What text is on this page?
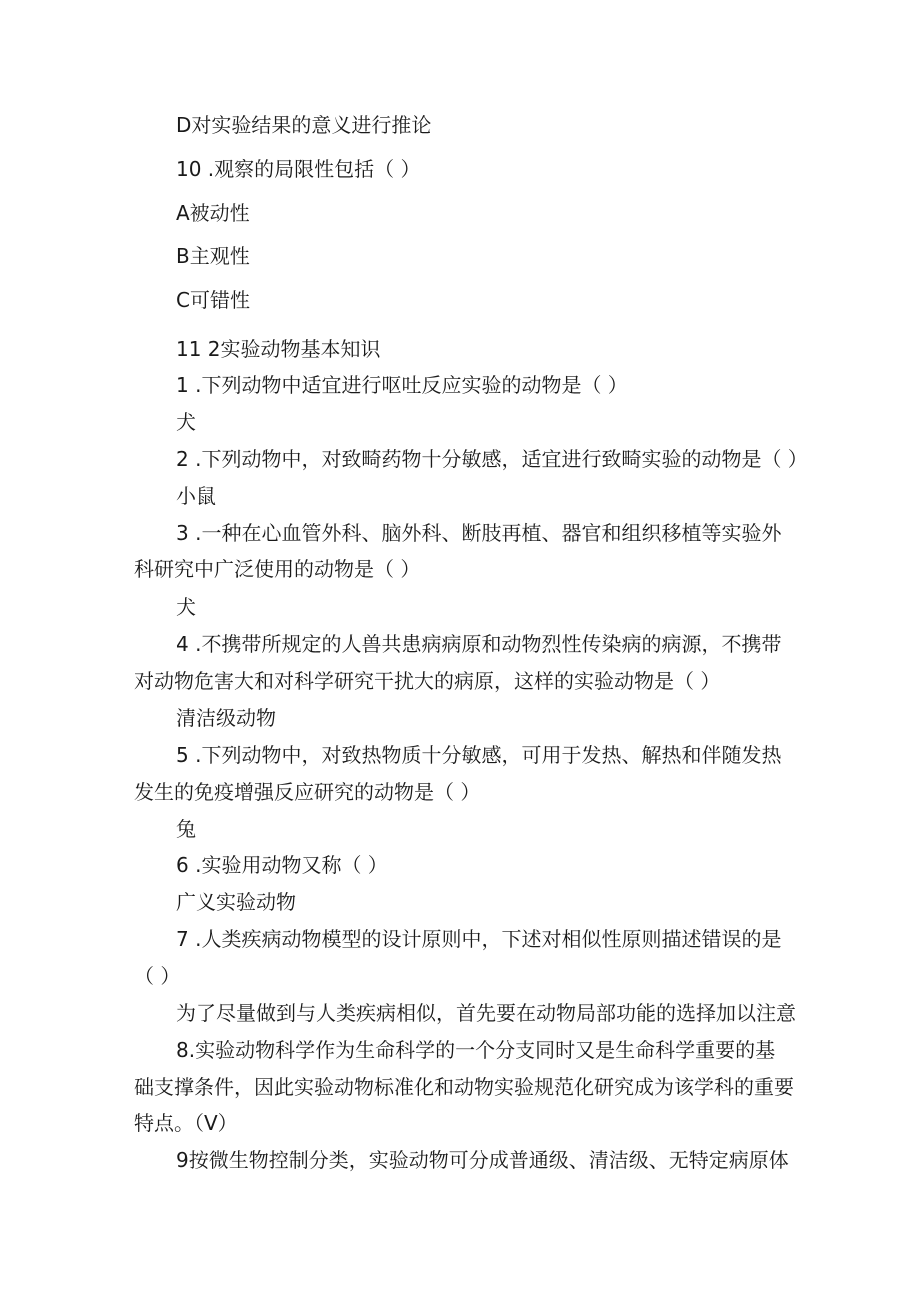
D对实验结果的意义进行推论
10 .观察的局限性包括（ ）
A被动性
B主观性
C可错性
11 2实验动物基本知识
1 .下列动物中适宜进行呕吐反应实验的动物是（ ）
犬
2 .下列动物中，对致畸药物十分敏感，适宜进行致畸实验的动物是（ ）
小鼠
3 .一种在心血管外科、脑外科、断肢再植、器官和组织移植等实验外
科研究中广泛使用的动物是（ ）
犬
4 .不携带所规定的人兽共患病病原和动物烈性传染病的病源，不携带
对动物危害大和对科学研究干扰大的病原，这样的实验动物是（ ）
清洁级动物
5 .下列动物中，对致热物质十分敏感，可用于发热、解热和伴随发热
发生的免疫增强反应研究的动物是（ ）
兔
6 .实验用动物又称（ ）
广义实验动物
7 .人类疾病动物模型的设计原则中，下述对相似性原则描述错误的是
（ ）
为了尽量做到与人类疾病相似，首先要在动物局部功能的选择加以注意
8.实验动物科学作为生命科学的一个分支同时又是生命科学重要的基
础支撑条件，因此实验动物标准化和动物实验规范化研究成为该学科的重要
特点。（V）
9按微生物控制分类，实验动物可分成普通级、清洁级、无特定病原体
